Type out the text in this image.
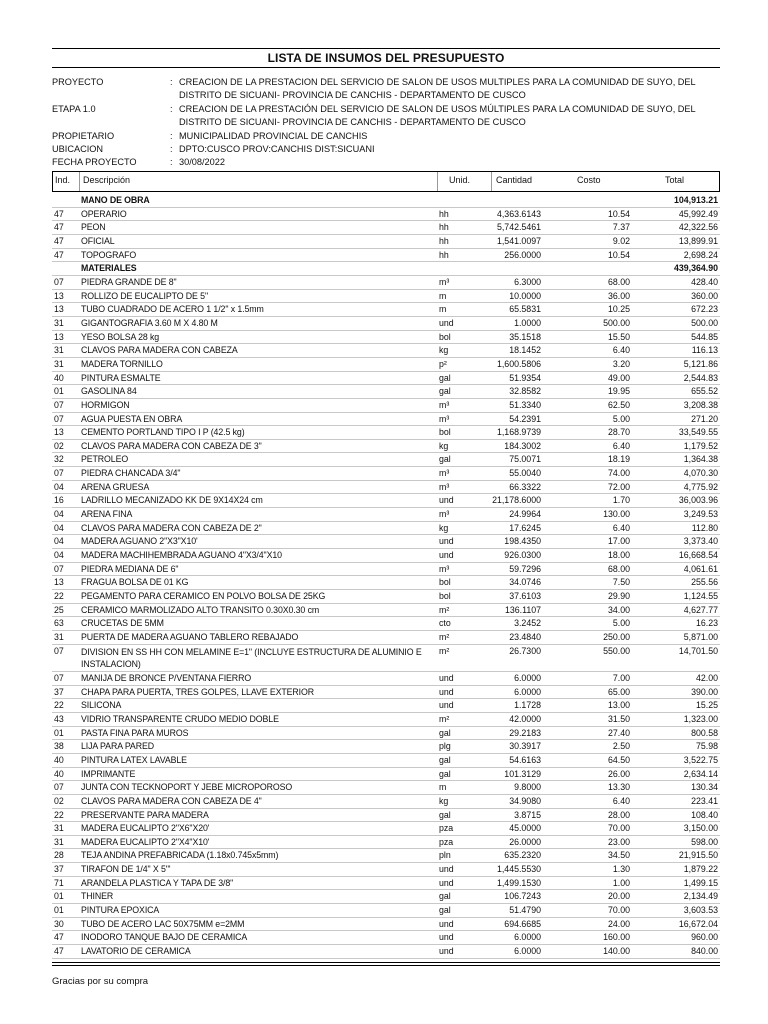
LISTA DE INSUMOS DEL PRESUPUESTO
PROYECTO	: CREACION DE LA PRESTACION DEL SERVICIO DE SALON DE USOS MULTIPLES PARA LA COMUNIDAD DE SUYO, DEL DISTRITO DE SICUANI- PROVINCIA DE CANCHIS - DEPARTAMENTO DE CUSCO
ETAPA 1.0	: CREACION DE LA PRESTACIÓN DEL SERVICIO DE SALON DE USOS MÚLTIPLES PARA LA COMUNIDAD DE SUYO, DEL DISTRITO DE SICUANI- PROVINCIA DE CANCHIS - DEPARTAMENTO DE CUSCO
PROPIETARIO	: MUNICIPALIDAD PROVINCIAL DE CANCHIS
UBICACION	: DPTO:CUSCO PROV:CANCHIS DIST:SICUANI
FECHA PROYECTO	: 30/08/2022
Ind. Descripción	Unid.	Cantidad	Costo	Total
MANO DE OBRA	104,913.21
47 OPERARIO	hh	4,363.6143	10.54	45,992.49
47 PEON	hh	5,742.5461	7.37	42,322.56
47 OFICIAL	hh	1,541.0097	9.02	13,899.91
47 TOPOGRAFO	hh	256.0000	10.54	2,698.24
MATERIALES	439,364.90
07 PIEDRA GRANDE DE 8"	m³	6.3000	68.00	428.40
13 ROLLIZO DE EUCALIPTO DE 5"	m	10.0000	36.00	360.00
13 TUBO CUADRADO DE ACERO 1 1/2" x 1.5mm	m	65.5831	10.25	672.23
31 GIGANTOGRAFIA 3.60 M X 4.80 M	und	1.0000	500.00	500.00
13 YESO BOLSA 28 kg	bol	35.1518	15.50	544.85
31 CLAVOS PARA MADERA CON CABEZA	kg	18.1452	6.40	116.13
31 MADERA TORNILLO	p²	1,600.5806	3.20	5,121.86
40 PINTURA ESMALTE	gal	51.9354	49.00	2,544.83
01 GASOLINA 84	gal	32.8582	19.95	655.52
07 HORMIGON	m³	51.3340	62.50	3,208.38
07 AGUA PUESTA EN OBRA	m³	54.2391	5.00	271.20
13 CEMENTO PORTLAND TIPO I P (42.5 kg)	bol	1,168.9739	28.70	33,549.55
02 CLAVOS PARA MADERA CON CABEZA DE 3"	kg	184.3002	6.40	1,179.52
32 PETROLEO	gal	75.0071	18.19	1,364.38
07 PIEDRA CHANCADA 3/4"	m³	55.0040	74.00	4,070.30
04 ARENA GRUESA	m³	66.3322	72.00	4,775.92
16 LADRILLO MECANIZADO KK DE 9X14X24 cm	und	21,178.6000	1.70	36,003.96
04 ARENA FINA	m³	24.9964	130.00	3,249.53
04 CLAVOS PARA MADERA CON CABEZA DE 2"	kg	17.6245	6.40	112.80
04 MADERA AGUANO 2"X3"X10'	und	198.4350	17.00	3,373.40
04 MADERA MACHIHEMBRADA AGUANO 4"X3/4"X10	und	926.0300	18.00	16,668.54
07 PIEDRA MEDIANA DE 6"	m³	59.7296	68.00	4,061.61
13 FRAGUA BOLSA DE 01 KG	bol	34.0746	7.50	255.56
22 PEGAMENTO PARA CERAMICO EN POLVO BOLSA DE 25KG	bol	37.6103	29.90	1,124.55
25 CERAMICO MARMOLIZADO ALTO TRANSITO 0.30X0.30 cm	m²	136.1107	34.00	4,627.77
63 CRUCETAS DE 5MM	cto	3.2452	5.00	16.23
31 PUERTA DE MADERA AGUANO TABLERO REBAJADO	m²	23.4840	250.00	5,871.00
07 DIVISION EN SS HH CON MELAMINE E=1" (INCLUYE ESTRUCTURA DE ALUMINIO E INSTALACION)
m²	26.7300	550.00	14,701.50
07 MANIJA DE BRONCE P/VENTANA FIERRO	und	6.0000	7.00	42.00
37 CHAPA PARA PUERTA, TRES GOLPES, LLAVE EXTERIOR	und	6.0000	65.00	390.00
22 SILICONA	und	1.1728	13.00	15.25
43 VIDRIO TRANSPARENTE CRUDO MEDIO DOBLE	m²	42.0000	31.50	1,323.00
01 PASTA FINA PARA MUROS	gal	29.2183	27.40	800.58
38 LIJA PARA PARED	plg	30.3917	2.50	75.98
40 PINTURA LATEX LAVABLE	gal	54.6163	64.50	3,522.75
40 IMPRIMANTE	gal	101.3129	26.00	2,634.14
07 JUNTA CON TECKNOPORT Y JEBE MICROPOROSO	m	9.8000	13.30	130.34
02 CLAVOS PARA MADERA CON CABEZA DE 4"	kg	34.9080	6.40	223.41
22 PRESERVANTE PARA MADERA	gal	3.8715	28.00	108.40
31 MADERA EUCALIPTO 2"X6"X20'	pza	45.0000	70.00	3,150.00
31 MADERA EUCALIPTO 2"X4"X10'	pza	26.0000	23.00	598.00
28 TEJA ANDINA PREFABRICADA (1.18x0.745x5mm)	pln	635.2320	34.50	21,915.50
37 TIRAFON DE 1/4" X 5"'	und	1,445.5530	1.30	1,879.22
71 ARANDELA PLASTICA Y TAPA DE 3/8"	und	1,499.1530	1.00	1,499.15
01 THINER	gal	106.7243	20.00	2,134.49
01 PINTURA EPOXICA	gal	51.4790	70.00	3,603.53
30 TUBO DE ACERO LAC 50X75MM e=2MM	und	694.6685	24.00	16,672.04
47 INODORO TANQUE BAJO DE CERAMICA	und	6.0000	160.00	960.00
47 LAVATORIO DE CERAMICA	und	6.0000	140.00	840.00
Gracias por su compra
